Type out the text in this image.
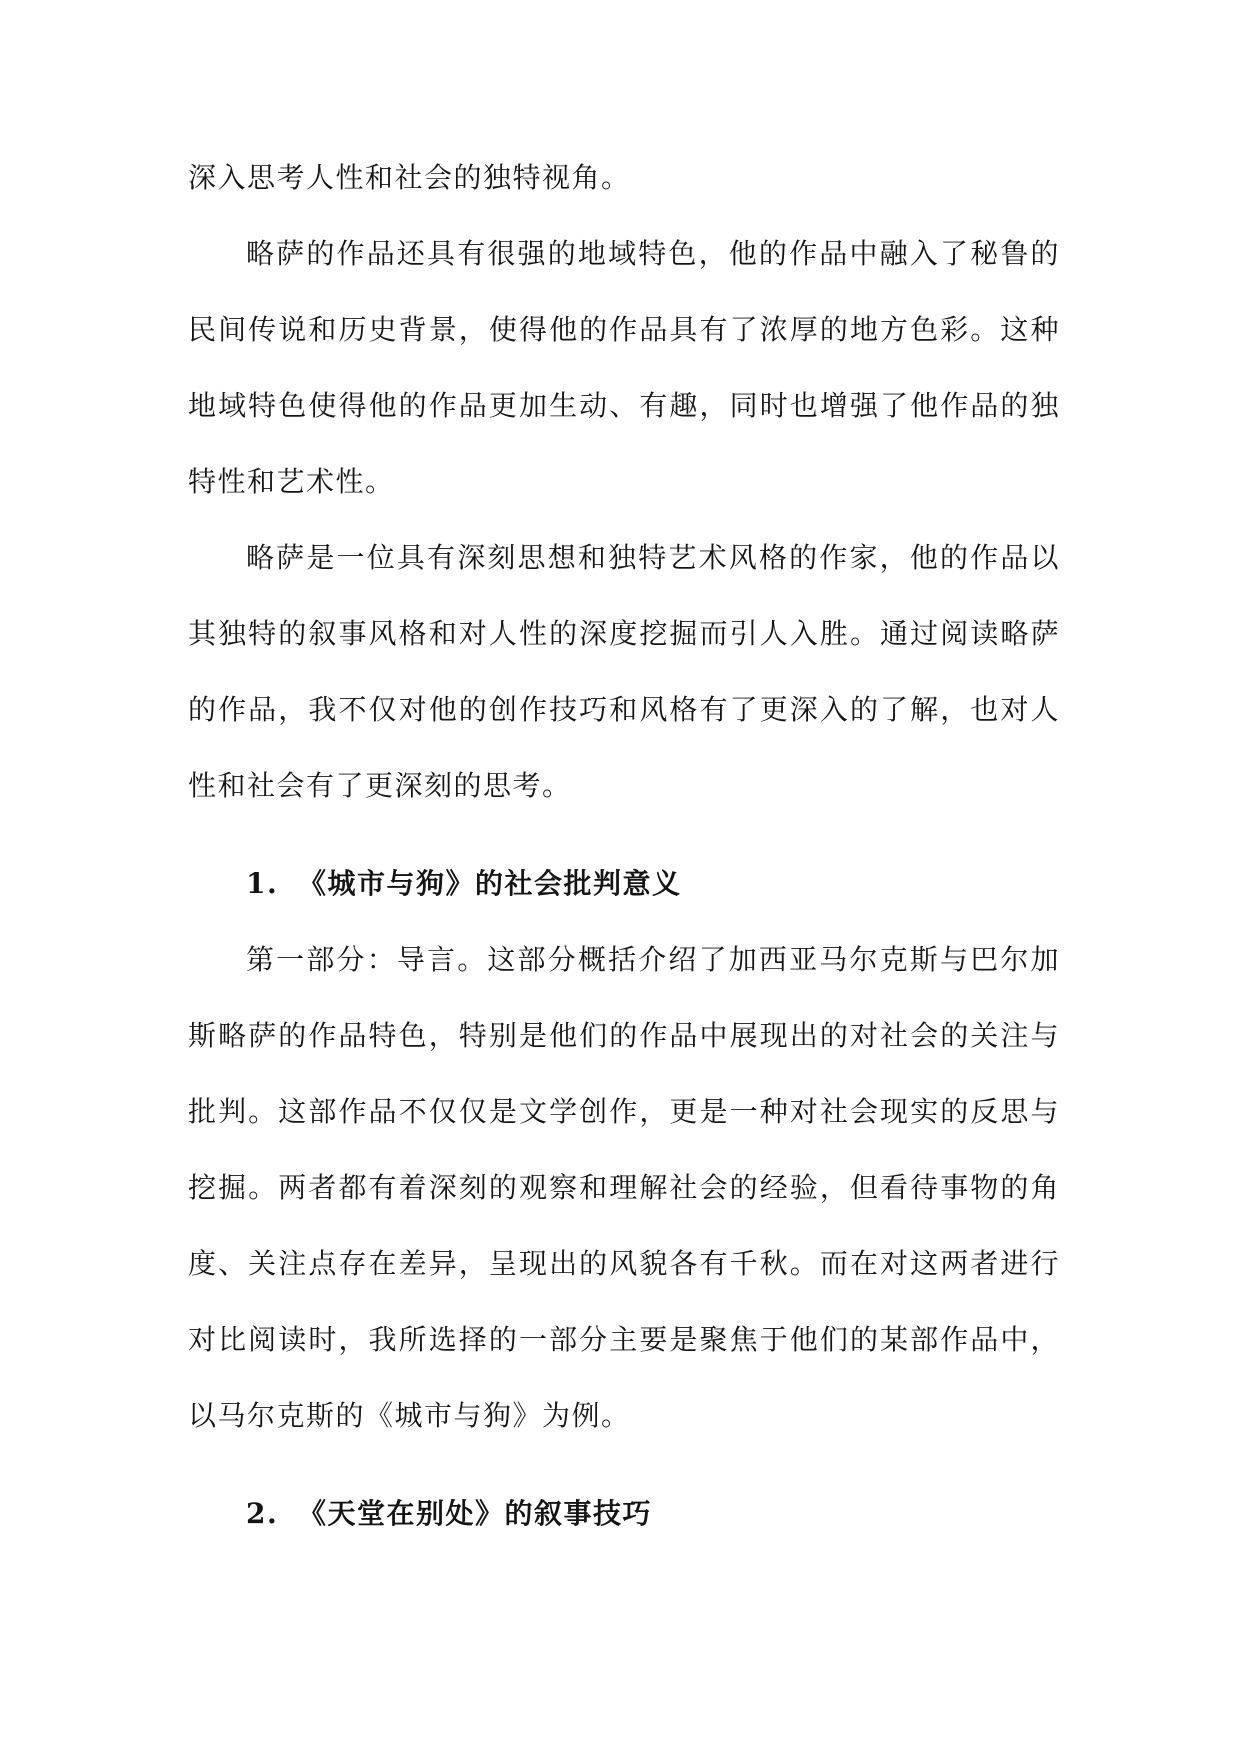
深入思考人性和社会的独特视角。

略萨的作品还具有很强的地域特色，他的作品中融入了秘鲁的民间传说和历史背景，使得他的作品具有了浓厚的地方色彩。这种地域特色使得他的作品更加生动、有趣，同时也增强了他作品的独特性和艺术性。

略萨是一位具有深刻思想和独特艺术风格的作家，他的作品以其独特的叙事风格和对人性的深度挖掘而引人入胜。通过阅读略萨的作品，我不仅对他的创作技巧和风格有了更深入的了解，也对人性和社会有了更深刻的思考。

1. 《城市与狗》的社会批判意义

第一部分：导言。这部分概括介绍了加西亚马尔克斯与巴尔加斯略萨的作品特色，特别是他们的作品中展现出的对社会的关注与批判。这部作品不仅仅是文学创作，更是一种对社会现实的反思与挖掘。两者都有着深刻的观察和理解社会的经验，但看待事物的角度、关注点存在差异，呈现出的风貌各有千秋。而在对这两者进行对比阅读时，我所选择的一部分主要是聚焦于他们的某部作品中，以马尔克斯的《城市与狗》为例。

2. 《天堂在别处》的叙事技巧
